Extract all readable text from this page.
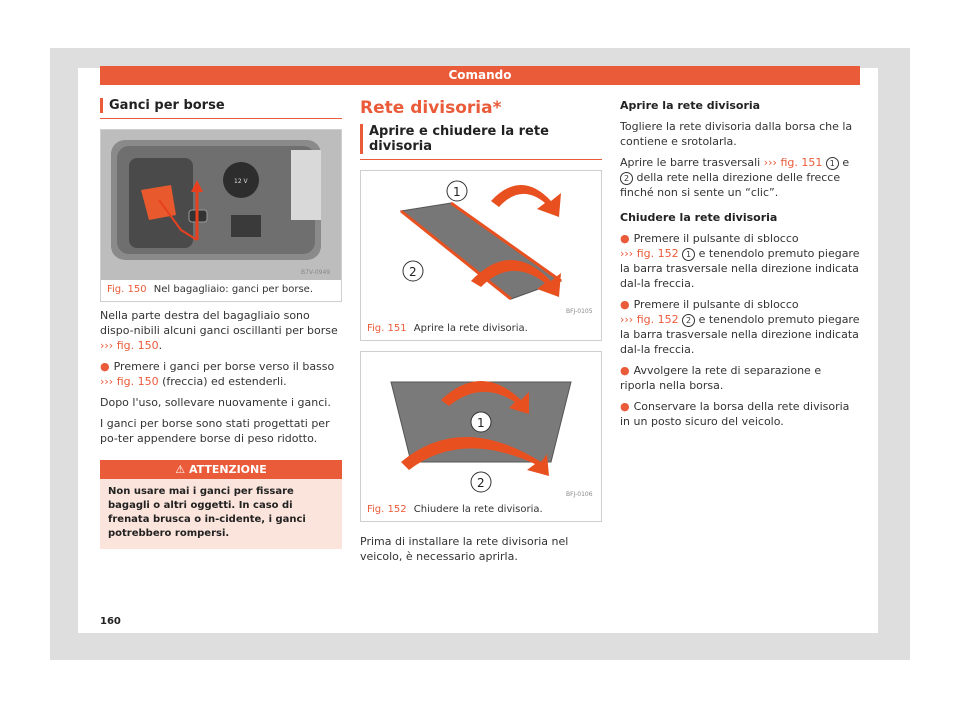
Comando
Ganci per borse
12 V
B7V-0949
Fig. 150 Nel bagagliaio: ganci per borse.

Nella parte destra del bagagliaio sono dispo-nibili alcuni ganci oscillanti per borse ››› fig. 150.

● Premere i ganci per borse verso il basso ››› fig. 150 (freccia) ed estenderli.

Dopo l'uso, sollevare nuovamente i ganci.

I ganci per borse sono stati progettati per po-ter appendere borse di peso ridotto.

⚠ ATTENZIONE
Non usare mai i ganci per fissare bagagli o altri oggetti. In caso di frenata brusca o in-cidente, i ganci potrebbero rompersi.
Rete divisoria*
Aprire e chiudere la rete divisoria
1
2
BFJ-0105
Fig. 151 Aprire la rete divisoria.
1
2
BFJ-0106
Fig. 152 Chiudere la rete divisoria.

Prima di installare la rete divisoria nel veicolo, è necessario aprirla.

Aprire la rete divisoria

Togliere la rete divisoria dalla borsa che la contiene e srotolarla.

Aprire le barre trasversali ››› fig. 151 1 e 2 della rete nella direzione delle frecce finché non si sente un “clic”.

Chiudere la rete divisoria

● Premere il pulsante di sblocco
››› fig. 152 1 e tenendolo premuto piegare la barra trasversale nella direzione indicata dal-la freccia.

● Premere il pulsante di sblocco
››› fig. 152 2 e tenendolo premuto piegare la barra trasversale nella direzione indicata dal-la freccia.

● Avvolgere la rete di separazione e riporla nella borsa.

● Conservare la borsa della rete divisoria in un posto sicuro del veicolo.

160
